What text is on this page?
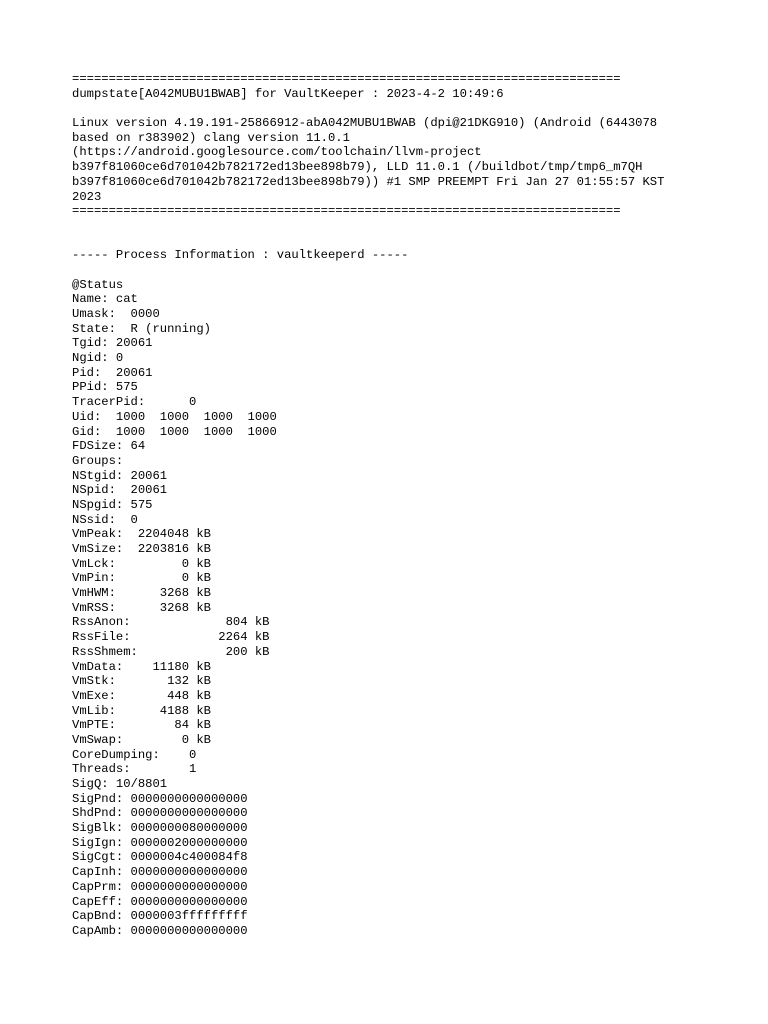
===========================================================================
dumpstate[A042MUBU1BWAB] for VaultKeeper : 2023-4-2 10:49:6
Linux version 4.19.191-25866912-abA042MUBU1BWAB (dpi@21DKG910) (Android (6443078
based on r383902) clang version 11.0.1
(https://android.googlesource.com/toolchain/llvm-project
b397f81060ce6d701042b782172ed13bee898b79), LLD 11.0.1 (/buildbot/tmp/tmp6_m7QH
b397f81060ce6d701042b782172ed13bee898b79)) #1 SMP PREEMPT Fri Jan 27 01:55:57 KST
2023
===========================================================================
----- Process Information : vaultkeeperd -----
@Status
Name: cat
Umask:  0000
State:  R (running)
Tgid: 20061
Ngid: 0
Pid:  20061
PPid: 575
TracerPid:      0
Uid:  1000  1000  1000  1000
Gid:  1000  1000  1000  1000
FDSize: 64
Groups:
NStgid: 20061
NSpid:  20061
NSpgid: 575
NSsid:  0
VmPeak:  2204048 kB
VmSize:  2203816 kB
VmLck:         0 kB
VmPin:         0 kB
VmHWM:      3268 kB
VmRSS:      3268 kB
RssAnon:             804 kB
RssFile:            2264 kB
RssShmem:            200 kB
VmData:    11180 kB
VmStk:       132 kB
VmExe:       448 kB
VmLib:      4188 kB
VmPTE:        84 kB
VmSwap:        0 kB
CoreDumping:    0
Threads:        1
SigQ: 10/8801
SigPnd: 0000000000000000
ShdPnd: 0000000000000000
SigBlk: 0000000080000000
SigIgn: 0000002000000000
SigCgt: 0000004c400084f8
CapInh: 0000000000000000
CapPrm: 0000000000000000
CapEff: 0000000000000000
CapBnd: 0000003fffffffff
CapAmb: 0000000000000000
